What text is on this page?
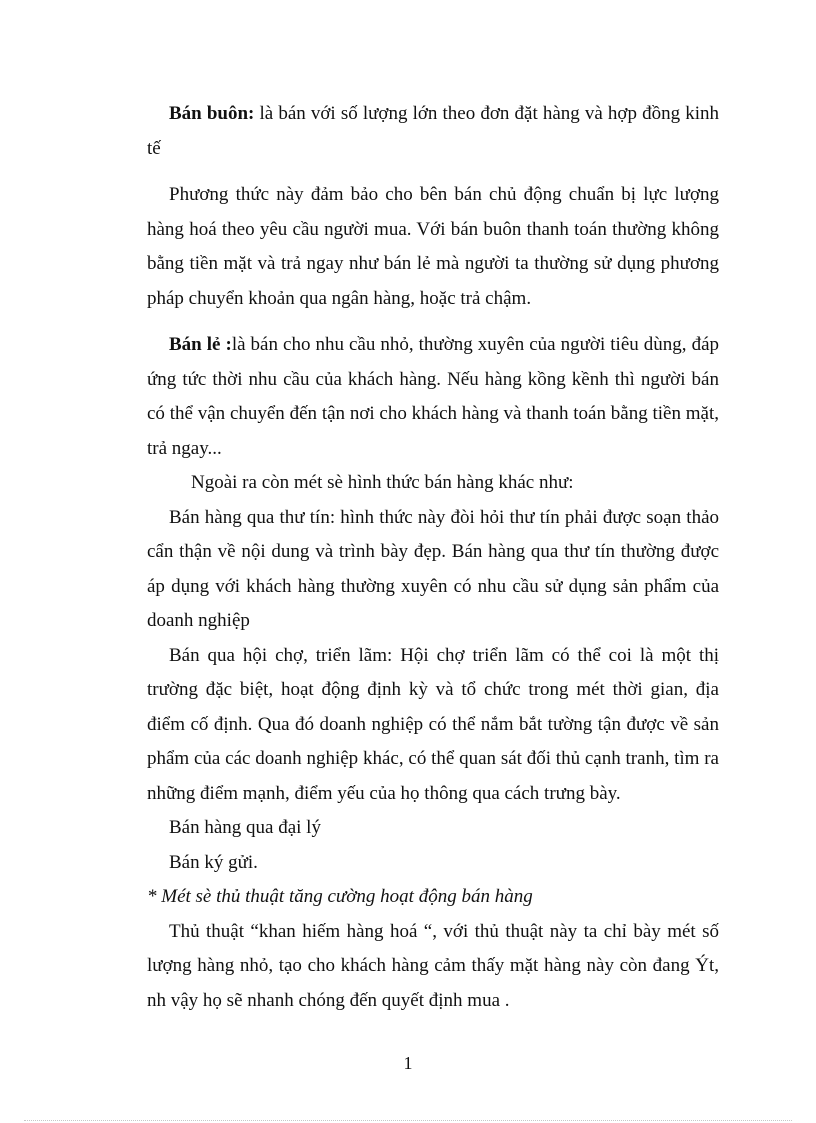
Bán buôn: là bán với số lượng lớn theo đơn đặt hàng và hợp đồng kinh tế

Phương thức này đảm bảo cho bên bán chủ động chuẩn bị lực lượng hàng hoá theo yêu cầu người mua. Với bán buôn thanh toán thường không bằng tiền mặt và trả ngay như bán lẻ mà người ta thường sử dụng phương pháp chuyển khoản qua ngân hàng, hoặc trả chậm.

Bán lẻ :là bán cho nhu cầu nhỏ, thường xuyên của người tiêu dùng, đáp ứng tức thời nhu cầu của khách hàng. Nếu hàng kồng kềnh thì người bán có thể vận chuyển đến tận nơi cho khách hàng và thanh toán bằng tiền mặt, trả ngay...

Ngoài ra còn mét sè hình thức bán hàng khác như:

Bán hàng qua thư tín: hình thức này đòi hỏi thư tín phải được soạn thảo cẩn thận về nội dung và trình bày đẹp. Bán hàng qua thư tín thường được áp dụng với khách hàng thường xuyên có nhu cầu sử dụng sản phẩm của doanh nghiệp

Bán qua hội chợ, triển lãm: Hội chợ triển lãm có thể coi là một thị trường đặc biệt, hoạt động định kỳ và tổ chức trong mét thời gian, địa điểm cố định. Qua đó doanh nghiệp có thể nắm bắt tường tận được về sản phẩm của các doanh nghiệp khác, có thể quan sát đối thủ cạnh tranh, tìm ra những điểm mạnh, điểm yếu của họ thông qua cách trưng bày.

Bán hàng qua đại lý

Bán ký gửi.

* Mét sè thủ thuật tăng cường hoạt động bán hàng

Thủ thuật “khan hiếm hàng hoá “, với thủ thuật này ta chỉ bày mét số lượng hàng nhỏ, tạo cho khách hàng cảm thấy mặt hàng này còn đang Ýt, nh vậy họ sẽ nhanh chóng đến quyết định mua .

1
